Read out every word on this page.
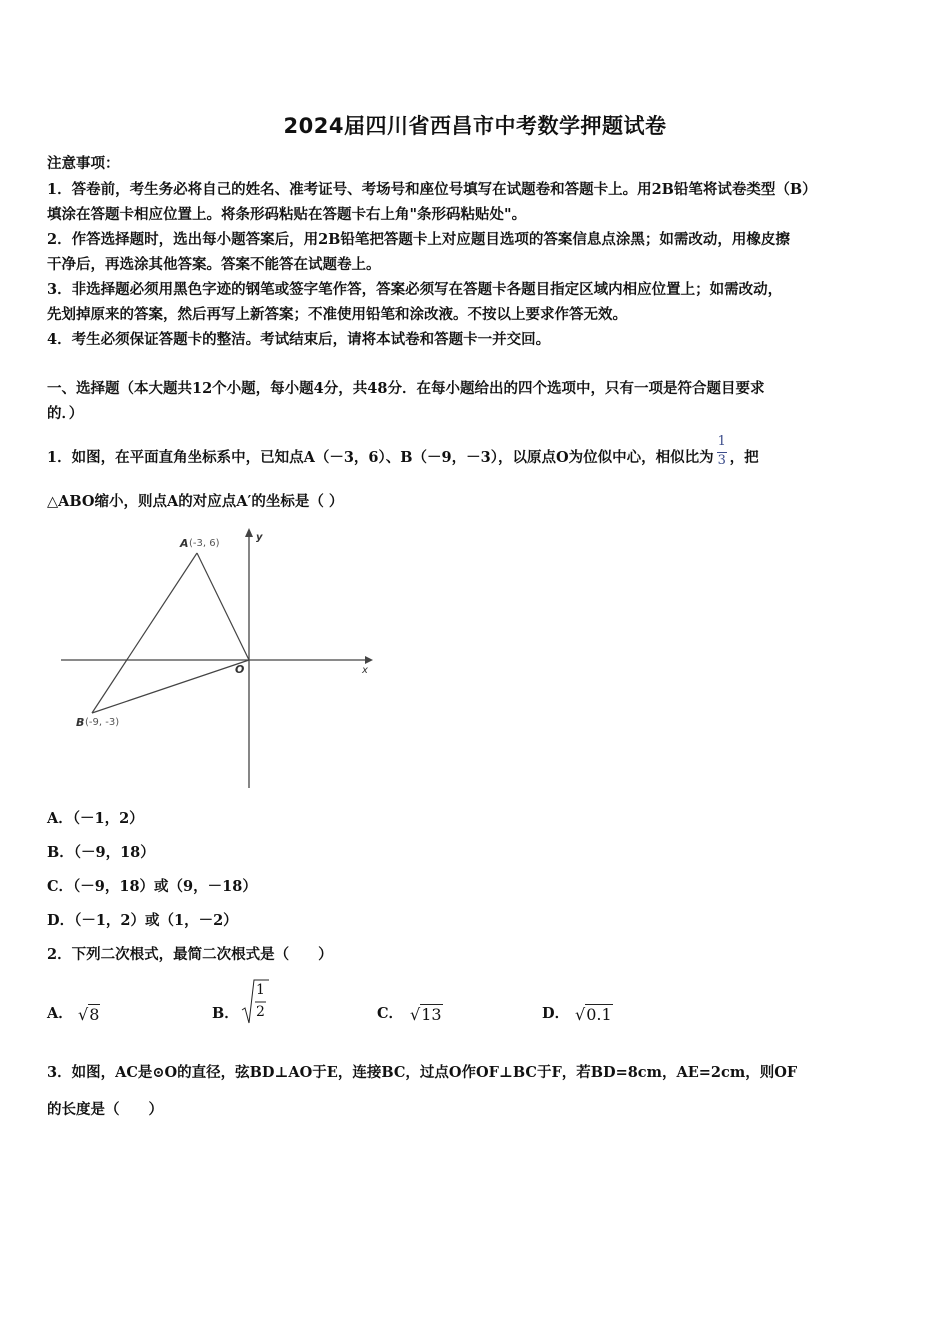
2024届四川省西昌市中考数学押题试卷
注意事项：
1．答卷前，考生务必将自己的姓名、准考证号、考场号和座位号填写在试题卷和答题卡上。用2B铅笔将试卷类型（B）
填涂在答题卡相应位置上。将条形码粘贴在答题卡右上角"条形码粘贴处"。
2．作答选择题时，选出每小题答案后，用2B铅笔把答题卡上对应题目选项的答案信息点涂黑；如需改动，用橡皮擦
干净后，再选涂其他答案。答案不能答在试题卷上。
3．非选择题必须用黑色字迹的钢笔或签字笔作答，答案必须写在答题卡各题目指定区域内相应位置上；如需改动，
先划掉原来的答案，然后再写上新答案；不准使用铅笔和涂改液。不按以上要求作答无效。
4．考生必须保证答题卡的整洁。考试结束后，请将本试卷和答题卡一并交回。
一、选择题（本大题共12个小题，每小题4分，共48分．在每小题给出的四个选项中，只有一项是符合题目要求
的．）
1．如图，在平面直角坐标系中，已知点A（－3，6）、B（－9，－3），以原点O为位似中心，相似比为 $\frac{1}{3}$ ，把
△ABO缩小，则点A的对应点A′的坐标是（ ）
A (-3, 6)
B (-9, -3)
O	x
y
A．（－1，2）
B．（－9，18）
C．（－9，18）或（9，－18）
D．（－1，2）或（1，－2）
2．下列二次根式，最简二次根式是（　　）
A． √8	B．
1
2	C． √13	D． √0.1
3．如图，AC是⊙O的直径，弦BD⊥AO于E，连接BC，过点O作OF⊥BC于F，若BD=8cm，AE=2cm，则OF
的长度是（　　）
